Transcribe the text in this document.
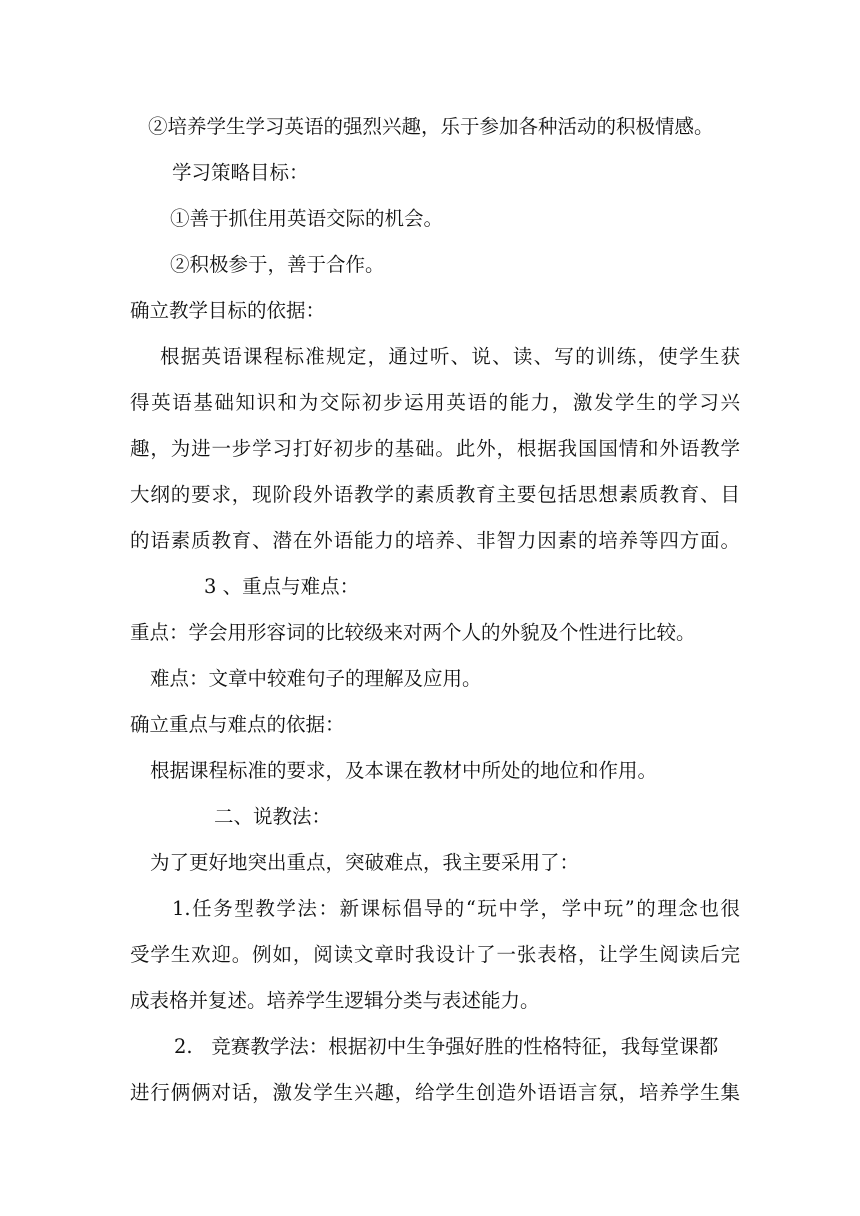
②培养学生学习英语的强烈兴趣，乐于参加各种活动的积极情感。
学习策略目标：
①善于抓住用英语交际的机会。
②积极参于，善于合作。
确立教学目标的依据：
根据英语课程标准规定，通过听、说、读、写的训练，使学生获
得英语基础知识和为交际初步运用英语的能力，激发学生的学习兴
趣，为进一步学习打好初步的基础。此外，根据我国国情和外语教学
大纲的要求，现阶段外语教学的素质教育主要包括思想素质教育、目
的语素质教育、潜在外语能力的培养、非智力因素的培养等四方面。
3 、重点与难点：
重点：学会用形容词的比较级来对两个人的外貌及个性进行比较。
难点：文章中较难句子的理解及应用。
确立重点与难点的依据：
根据课程标准的要求，及本课在教材中所处的地位和作用。
二、说教法：
为了更好地突出重点，突破难点，我主要采用了：
1.任务型教学法：新课标倡导的“玩中学，学中玩”的理念也很
受学生欢迎。例如，阅读文章时我设计了一张表格，让学生阅读后完
成表格并复述。培养学生逻辑分类与表述能力。
2.   竞赛教学法：根据初中生争强好胜的性格特征，我每堂课都
进行俩俩对话，激发学生兴趣，给学生创造外语语言氛，培养学生集
